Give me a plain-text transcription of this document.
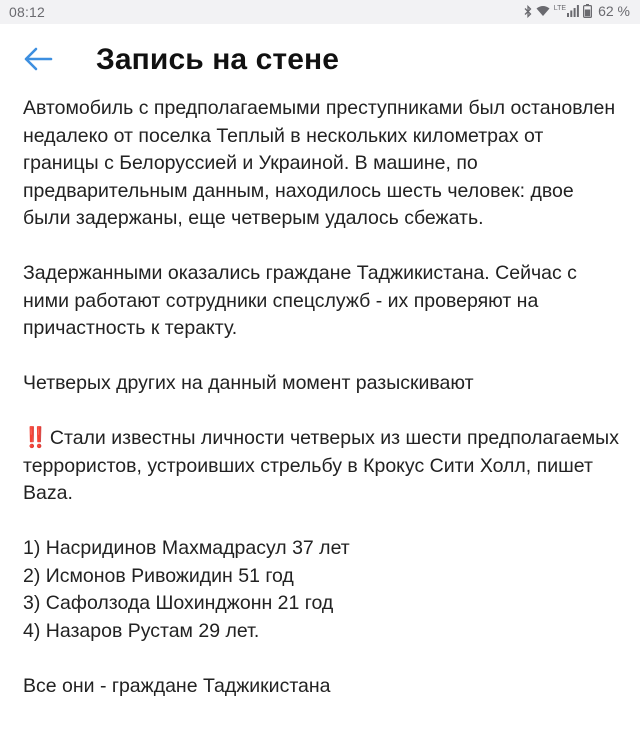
08:12	LTE 62 %
Запись на стене

Автомобиль с предполагаемыми преступниками был остановлен недалеко от поселка Теплый в нескольких километрах от границы с Белоруссией и Украиной. В машине, по предварительным данным, находилось шесть человек: двое были задержаны, еще четверым удалось сбежать.

Задержанными оказались граждане Таджикистана. Сейчас с ними работают сотрудники спецслужб - их проверяют на причастность к теракту.

Четверых других на данный момент разыскивают

‼️ Стали известны личности четверых из шести предполагаемых террористов, устроивших стрельбу в Крокус Сити Холл, пишет Baza.

1) Насридинов Махмадрасул 37 лет
2) Исмонов Ривожидин 51 год
3) Сафолзода Шохинджонн 21 год
4) Назаров Рустам 29 лет.

Все они - граждане Таджикистана
